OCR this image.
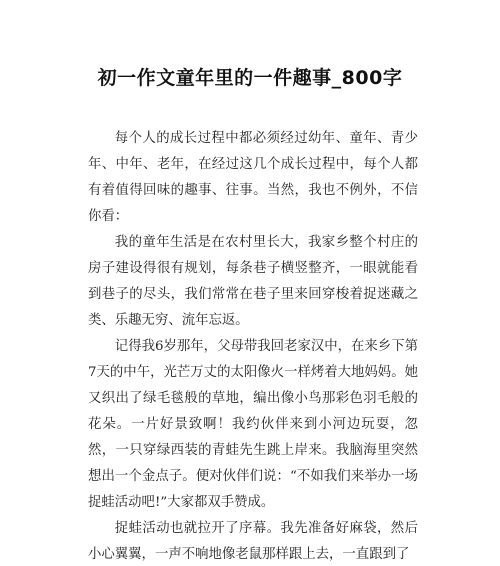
初一作文童年里的一件趣事_800字

每个人的成长过程中都必须经过幼年、童年、青少年、中年、老年，在经过这几个成长过程中，每个人都有着值得回味的趣事、往事。当然，我也不例外，不信你看：

我的童年生活是在农村里长大，我家乡整个村庄的房子建设得很有规划，每条巷子横竖整齐，一眼就能看到巷子的尽头，我们常常在巷子里来回穿梭着捉迷藏之类、乐趣无穷、流年忘返。

记得我6岁那年，父母带我回老家汉中，在来乡下第7天的中午，光芒万丈的太阳像火一样烤着大地妈妈。她又织出了绿毛毯般的草地，编出像小鸟那彩色羽毛般的花朵。一片好景致啊！我约伙伴来到小河边玩耍，忽然，一只穿绿西装的青蛙先生跳上岸来。我脑海里突然想出一个金点子。便对伙伴们说：“不如我们来举办一场捉蛙活动吧!”大家都双手赞成。

捉蛙活动也就拉开了序幕。我先准备好麻袋，然后小心翼翼，一声不响地像老鼠那样跟上去，一直跟到了
